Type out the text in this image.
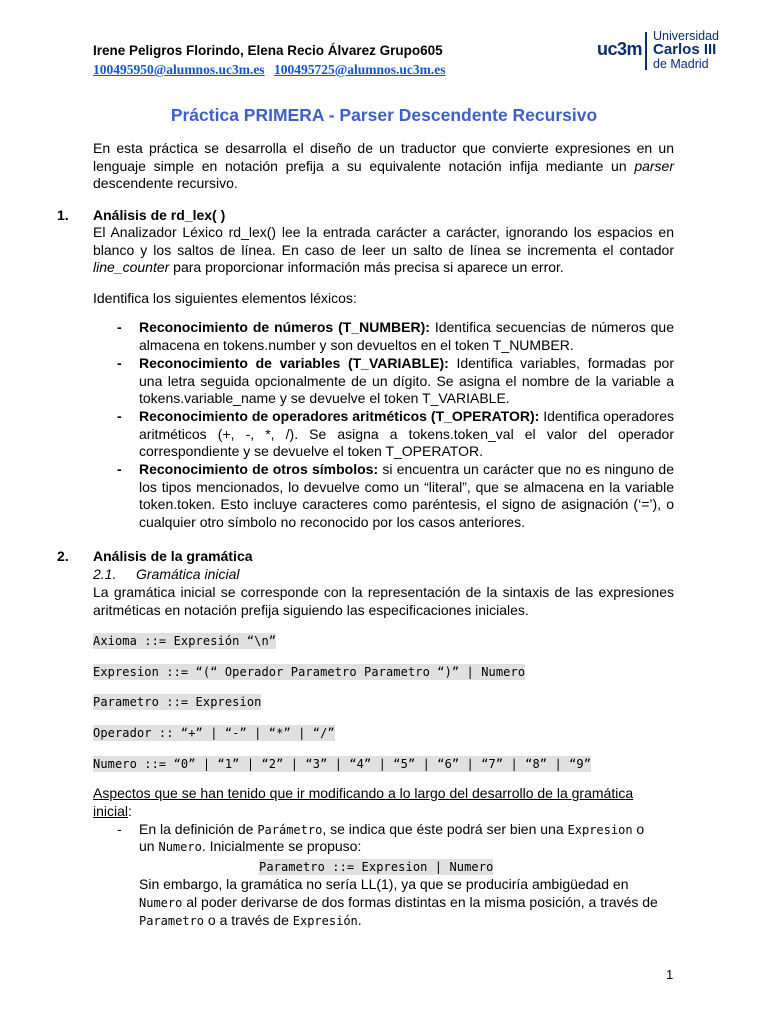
Irene Peligros Florindo, Elena Recio Álvarez Grupo605
100495950@alumnos.uc3m.es 100495725@alumnos.uc3m.es
uc3m
Universidad
Carlos III
de Madrid
Práctica PRIMERA - Parser Descendente Recursivo
En esta práctica se desarrolla el diseño de un traductor que convierte expresiones en un lenguaje simple en notación prefija a su equivalente notación infija mediante un parser descendente recursivo.
1. Análisis de rd_lex( )
El Analizador Léxico rd_lex() lee la entrada carácter a carácter, ignorando los espacios en blanco y los saltos de línea. En caso de leer un salto de línea se incrementa el contador line_counter para proporcionar información más precisa si aparece un error.
Identifica los siguientes elementos léxicos:
- Reconocimiento de números (T_NUMBER): Identifica secuencias de números que almacena en tokens.number y son devueltos en el token T_NUMBER.
- Reconocimiento de variables (T_VARIABLE): Identifica variables, formadas por una letra seguida opcionalmente de un dígito. Se asigna el nombre de la variable a tokens.variable_name y se devuelve el token T_VARIABLE.
- Reconocimiento de operadores aritméticos (T_OPERATOR): Identifica operadores aritméticos (+, -, *, /). Se asigna a tokens.token_val el valor del operador correspondiente y se devuelve el token T_OPERATOR.
- Reconocimiento de otros símbolos: si encuentra un carácter que no es ninguno de los tipos mencionados, lo devuelve como un “literal”, que se almacena en la variable token.token. Esto incluye caracteres como paréntesis, el signo de asignación (‘=’), o cualquier otro símbolo no reconocido por los casos anteriores.
2. Análisis de la gramática
2.1. Gramática inicial
La gramática inicial se corresponde con la representación de la sintaxis de las expresiones aritméticas en notación prefija siguiendo las especificaciones iniciales.
Axioma ::= Expresión “\n”
Expresion ::= “(“ Operador Parametro Parametro “)” | Numero
Parametro ::= Expresion
Operador :: “+” | “-” | “*” | “/”
Numero ::= “0” | “1” | “2” | “3” | “4” | “5” | “6” | “7” | “8” | “9”
Aspectos que se han tenido que ir modificando a lo largo del desarrollo de la gramática
inicial:
- En la definición de Parámetro, se indica que éste podrá ser bien una Expresion o
un Numero. Inicialmente se propuso:
Parametro ::= Expresion | Numero
Sin embargo, la gramática no sería LL(1), ya que se produciría ambigüedad en
Numero al poder derivarse de dos formas distintas en la misma posición, a través de
Parametro o a través de Expresión.
1
